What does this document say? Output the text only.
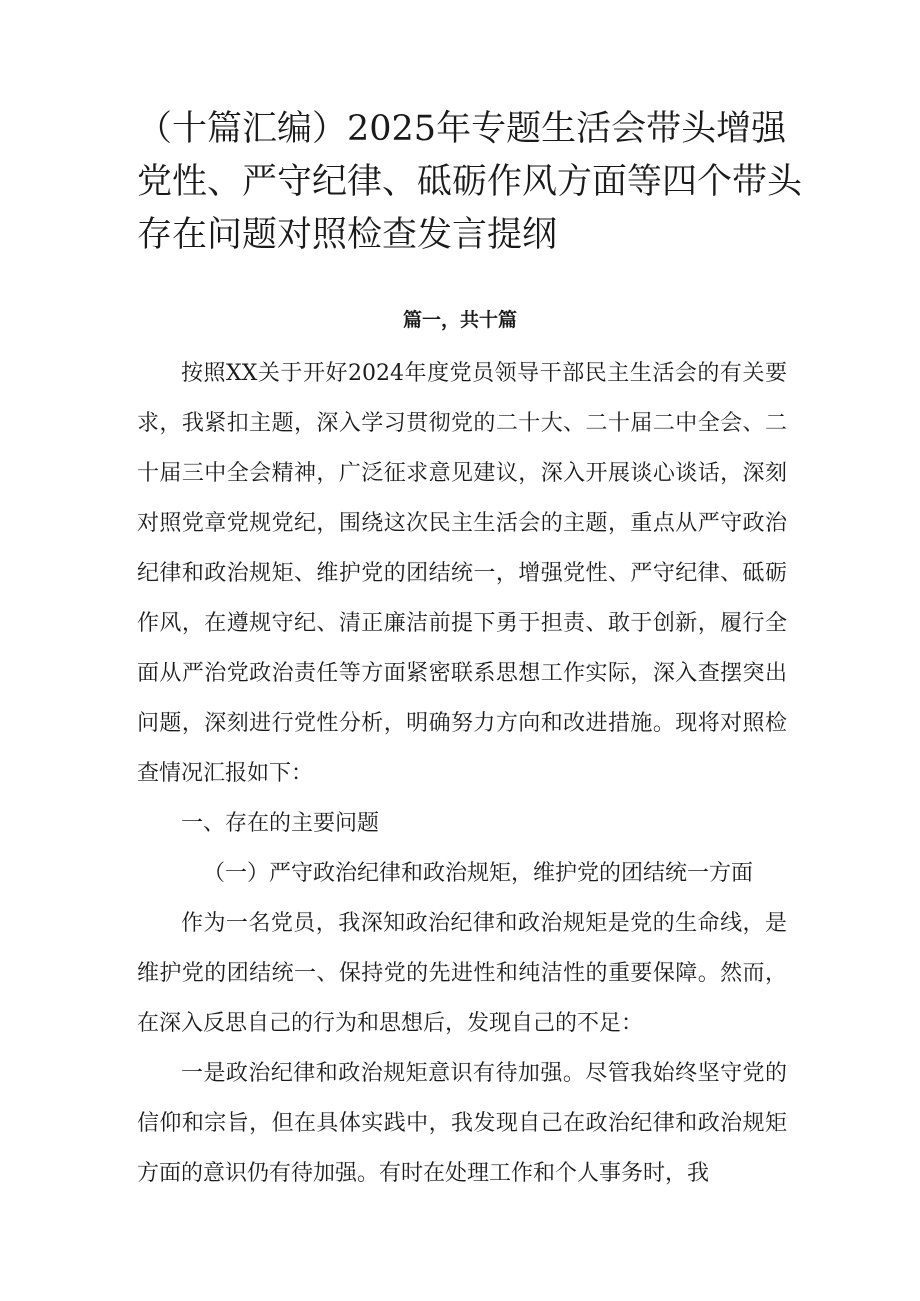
（十篇汇编）2025年专题生活会带头增强党性、严守纪律、砥砺作风方面等四个带头存在问题对照检查发言提纲
篇一，共十篇

按照XX关于开好2024年度党员领导干部民主生活会的有关要求，我紧扣主题，深入学习贯彻党的二十大、二十届二中全会、二十届三中全会精神，广泛征求意见建议，深入开展谈心谈话，深刻对照党章党规党纪，围绕这次民主生活会的主题，重点从严守政治纪律和政治规矩、维护党的团结统一，增强党性、严守纪律、砥砺作风，在遵规守纪、清正廉洁前提下勇于担责、敢于创新，履行全面从严治党政治责任等方面紧密联系思想工作实际，深入查摆突出问题，深刻进行党性分析，明确努力方向和改进措施。现将对照检查情况汇报如下：

一、存在的主要问题

（一）严守政治纪律和政治规矩，维护党的团结统一方面

作为一名党员，我深知政治纪律和政治规矩是党的生命线，是维护党的团结统一、保持党的先进性和纯洁性的重要保障。然而，在深入反思自己的行为和思想后，发现自己的不足：

一是政治纪律和政治规矩意识有待加强。尽管我始终坚守党的信仰和宗旨，但在具体实践中，我发现自己在政治纪律和政治规矩方面的意识仍有待加强。有时在处理工作和个人事务时，我
